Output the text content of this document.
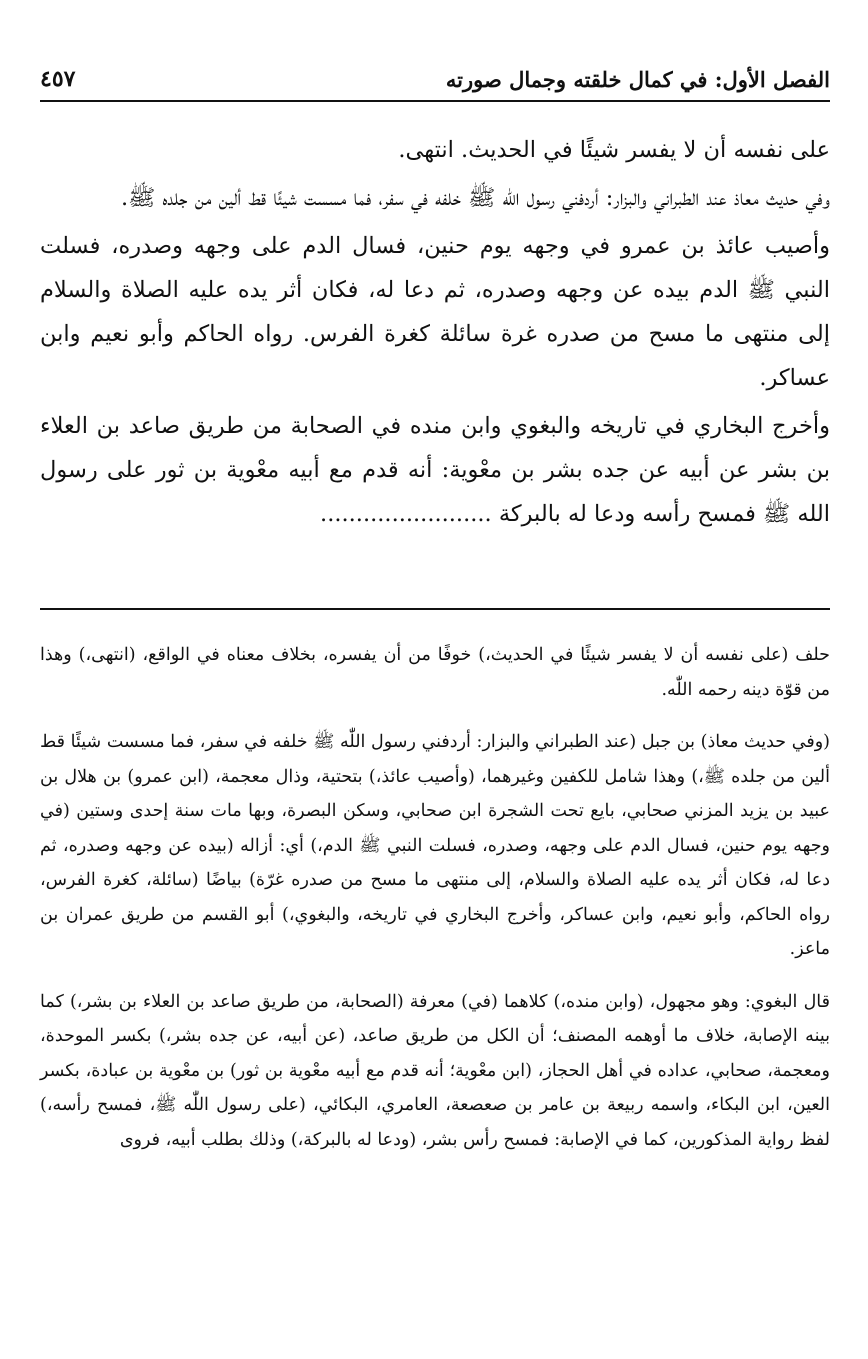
الفصل الأول: في كمال خلقته وجمال صورته
٤٥٧

على نفسه أن لا يفسر شيئًا في الحديث. انتهى.

وفي حديث معاذ عند الطبراني والبزار: أردفني رسول الله ﷺ خلفه في سفر، فما مسست شيئًا قط ألين من جلده ﷺ.

وأصيب عائذ بن عمرو في وجهه يوم حنين، فسال الدم على وجهه وصدره، فسلت النبي ﷺ الدم بيده عن وجهه وصدره، ثم دعا له، فكان أثر يده عليه الصلاة والسلام إلى منتهى ما مسح من صدره غرة سائلة كغرة الفرس. رواه الحاكم وأبو نعيم وابن عساكر.

وأخرج البخاري في تاريخه والبغوي وابن منده في الصحابة من طريق صاعد بن العلاء بن بشر عن أبيه عن جده بشر بن معْوية: أنه قدم مع أبيه معْوية بن ثور على رسول الله ﷺ فمسح رأسه ودعا له بالبركة ........................

حلف (على نفسه أن لا يفسر شيئًا في الحديث،) خوفًا من أن يفسره، بخلاف معناه في الواقع، (انتهى،) وهذا من قوّة دينه رحمه اللّٰه.

(وفي حديث معاذ) بن جبل (عند الطبراني والبزار: أردفني رسول اللّٰه ﷺ خلفه في سفر، فما مسست شيئًا قط ألين من جلده ﷺ،) وهذا شامل للكفين وغيرهما، (وأصيب عائذ،) بتحتية، وذال معجمة، (ابن عمرو) بن هلال بن عبيد بن يزيد المزني صحابي، بايع تحت الشجرة ابن صحابي، وسكن البصرة، وبها مات سنة إحدى وستين (في وجهه يوم حنين، فسال الدم على وجهه، وصدره، فسلت النبي ﷺ الدم،) أي: أزاله (بيده عن وجهه وصدره، ثم دعا له، فكان أثر يده عليه الصلاة والسلام، إلى منتهى ما مسح من صدره غرّة) بياضًا (سائلة، كغرة الفرس، رواه الحاكم، وأبو نعيم، وابن عساكر، وأخرج البخاري في تاريخه، والبغوي،) أبو القسم من طريق عمران بن ماعز.

قال البغوي: وهو مجهول، (وابن منده،) كلاهما (في) معرفة (الصحابة، من طريق صاعد بن العلاء بن بشر،) كما بينه الإصابة، خلاف ما أوهمه المصنف؛ أن الكل من طريق صاعد، (عن أبيه، عن جده بشر،) بكسر الموحدة، ومعجمة، صحابي، عداده في أهل الحجاز، (ابن معْوية؛ أنه قدم مع أبيه معْوية بن ثور) بن معْوية بن عبادة، بكسر العين، ابن البكاء، واسمه ربيعة بن عامر بن صعصعة، العامري، البكائي، (على رسول اللّٰه ﷺ، فمسح رأسه،) لفظ رواية المذكورين، كما في الإصابة: فمسح رأس بشر، (ودعا له بالبركة،) وذلك بطلب أبيه، فروى
